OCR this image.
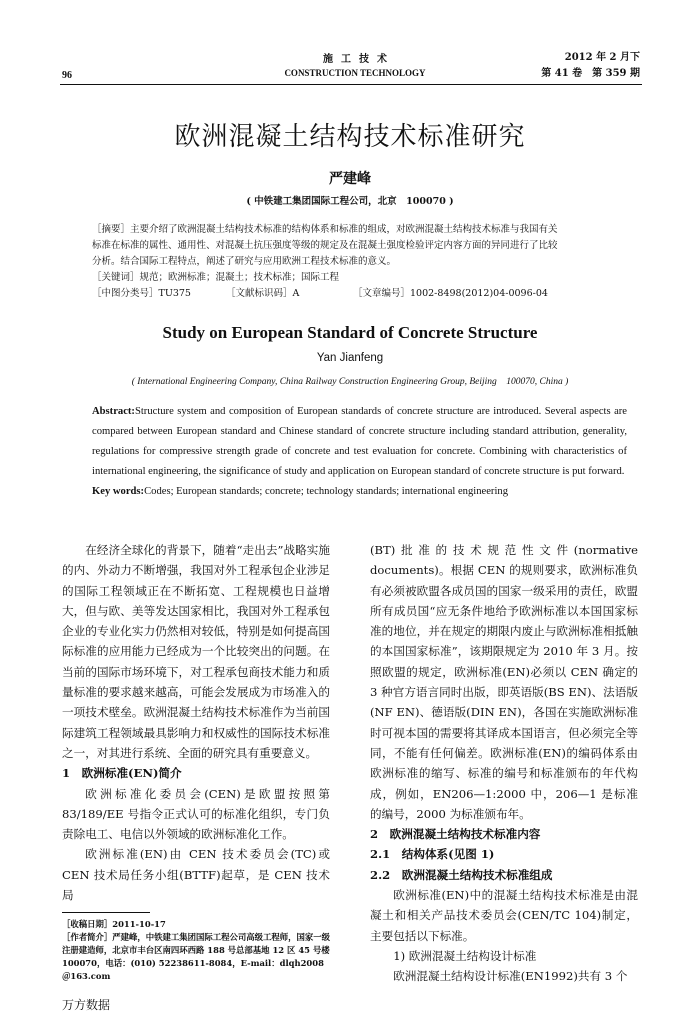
96
施工技术
CONSTRUCTION TECHNOLOGY
2012 年 2 月下
第 41 卷　第 359 期
欧洲混凝土结构技术标准研究
严建峰
( 中铁建工集团国际工程公司，北京　100070 )

［摘要］主要介绍了欧洲混凝土结构技术标准的结构体系和标准的组成，对欧洲混凝土结构技术标准与我国有关

标准在标准的属性、通用性、对混凝土抗压强度等级的规定及在混凝土强度检验评定内容方面的异同进行了比较

分析。结合国际工程特点，阐述了研究与应用欧洲工程技术标准的意义。

［关键词］规范；欧洲标准；混凝土；技术标准；国际工程

［中图分类号］TU375	［文献标识码］A	［文章编号］1002-8498(2012)04-0096-04
Study on European Standard of Concrete Structure
Yan Jianfeng
( International Engineering Company, China Railway Construction Engineering Group, Beijing　100070, China )
Abstract:Structure system and composition of European standards of concrete structure are introduced. Several aspects are compared between European standard and Chinese standard of concrete structure including standard attribution, generality, regulations for compressive strength grade of concrete and test evaluation for concrete. Combining with characteristics of international engineering, the significance of study and application on European standard of concrete structure is put forward.
Key words:Codes; European standards; concrete; technology standards; international engineering

在经济全球化的背景下，随着“走出去”战略实施的内、外动力不断增强，我国对外工程承包企业涉足的国际工程领域正在不断拓宽、工程规模也日益增大，但与欧、美等发达国家相比，我国对外工程承包企业的专业化实力仍然相对较低，特别是如何提高国际标准的应用能力已经成为一个比较突出的问题。在当前的国际市场环境下，对工程承包商技术能力和质量标准的要求越来越高，可能会发展成为市场准入的一项技术壁垒。欧洲混凝土结构技术标准作为当前国际建筑工程领域最具影响力和权威性的国际技术标准之一，对其进行系统、全面的研究具有重要意义。

1　欧洲标准(EN)简介

欧洲标准化委员会(CEN)是欧盟按照第 83/189/EE 号指令正式认可的标准化组织，专门负责除电工、电信以外领域的欧洲标准化工作。

欧洲标准(EN)由 CEN 技术委员会(TC)或 CEN 技术局任务小组(BTTF)起草，是 CEN 技术局

(BT)批准的技术规范性文件(normative documents)。根据 CEN 的规则要求，欧洲标准负有必须被欧盟各成员国的国家一级采用的责任，欧盟所有成员国“应无条件地给予欧洲标准以本国国家标准的地位，并在规定的期限内废止与欧洲标准相抵触的本国国家标准”，该期限规定为 2010 年 3 月。按照欧盟的规定，欧洲标准(EN)必须以 CEN 确定的 3 种官方语言同时出版，即英语版(BS EN)、法语版(NF EN)、德语版(DIN EN)，各国在实施欧洲标准时可视本国的需要将其译成本国语言，但必须完全等同，不能有任何偏差。欧洲标准(EN)的编码体系由欧洲标准的缩写、标准的编号和标准颁布的年代构成，例如，EN206—1:2000 中，206—1 是标准的编号，2000 为标准颁布年。

2　欧洲混凝土结构技术标准内容

2.1　结构体系(见图 1)

2.2　欧洲混凝土结构技术标准组成

欧洲标准(EN)中的混凝土结构技术标准是由混凝土和相关产品技术委员会(CEN/TC 104)制定，主要包括以下标准。

1) 欧洲混凝土结构设计标准

欧洲混凝土结构设计标准(EN1992)共有 3 个

［收稿日期］2011-10-17

［作者简介］严建峰，中铁建工集团国际工程公司高级工程师，国家一级注册建造师，北京市丰台区南四环西路 188 号总部基地 12 区 45 号楼　100070，电话：(010) 52238611-8084，E-mail：dlqh2008＠163.com

万方数据
